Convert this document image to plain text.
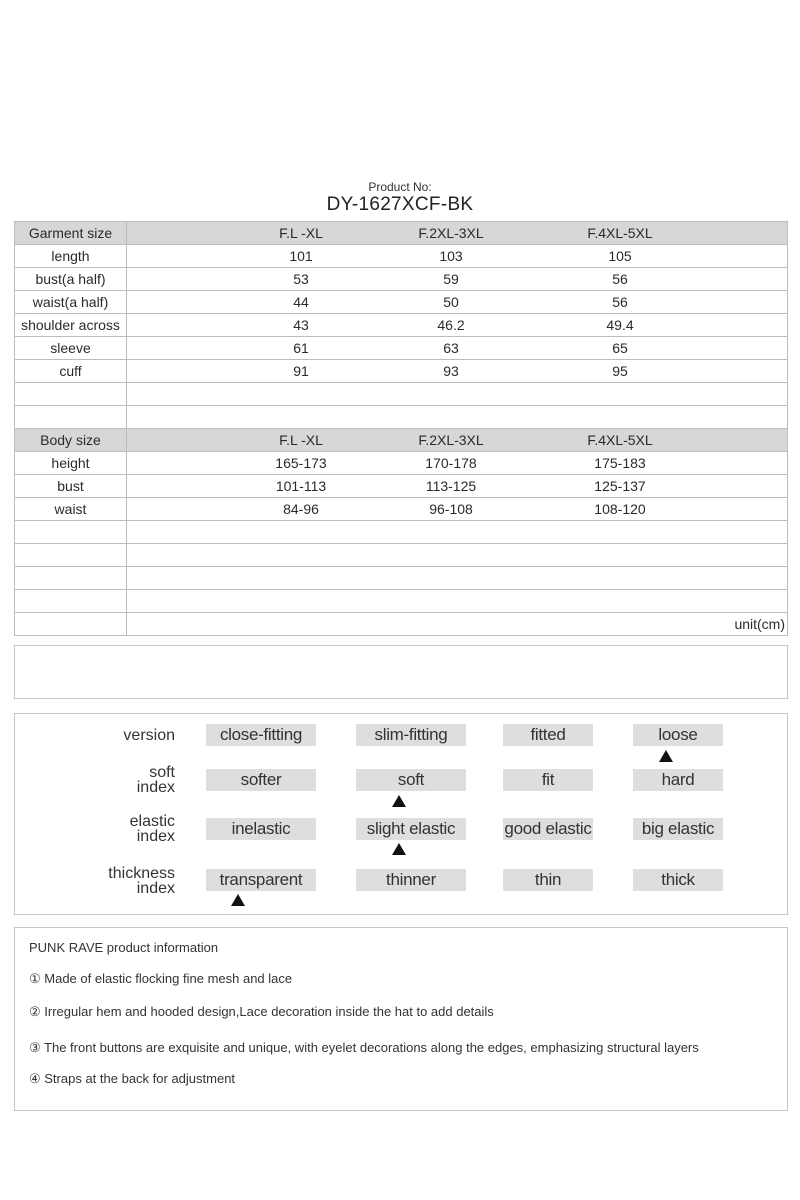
Product No:
DY-1627XCF-BK
Garment size	F.L -XL F.2XL-3XL F.4XL-5XL

length	101 103 105

bust(a half)	53 59 56

waist(a half)	44 50 56

shoulder across	43 46.2 49.4

sleeve	61 63 65

cuff	91 93 95

Body size	F.L -XL F.2XL-3XL F.4XL-5XL

height	165-173 170-178 175-183

bust	101-113 113-125 125-137

waist	84-96 96-108 108-120

	unit(cm)
version	close-fitting	slim-fitting	fitted	loose
soft
index	softer	soft	fit	hard
elastic
index	inelastic	slight elastic	good elastic	big elastic
thickness
index	transparent	thinner	thin	thick
PUNK RAVE product information
① Made of elastic flocking fine mesh and lace
② Irregular hem and hooded design,Lace decoration inside the hat to add details
③ The front buttons are exquisite and unique, with eyelet decorations along the edges, emphasizing structural layers
④ Straps at the back for adjustment
